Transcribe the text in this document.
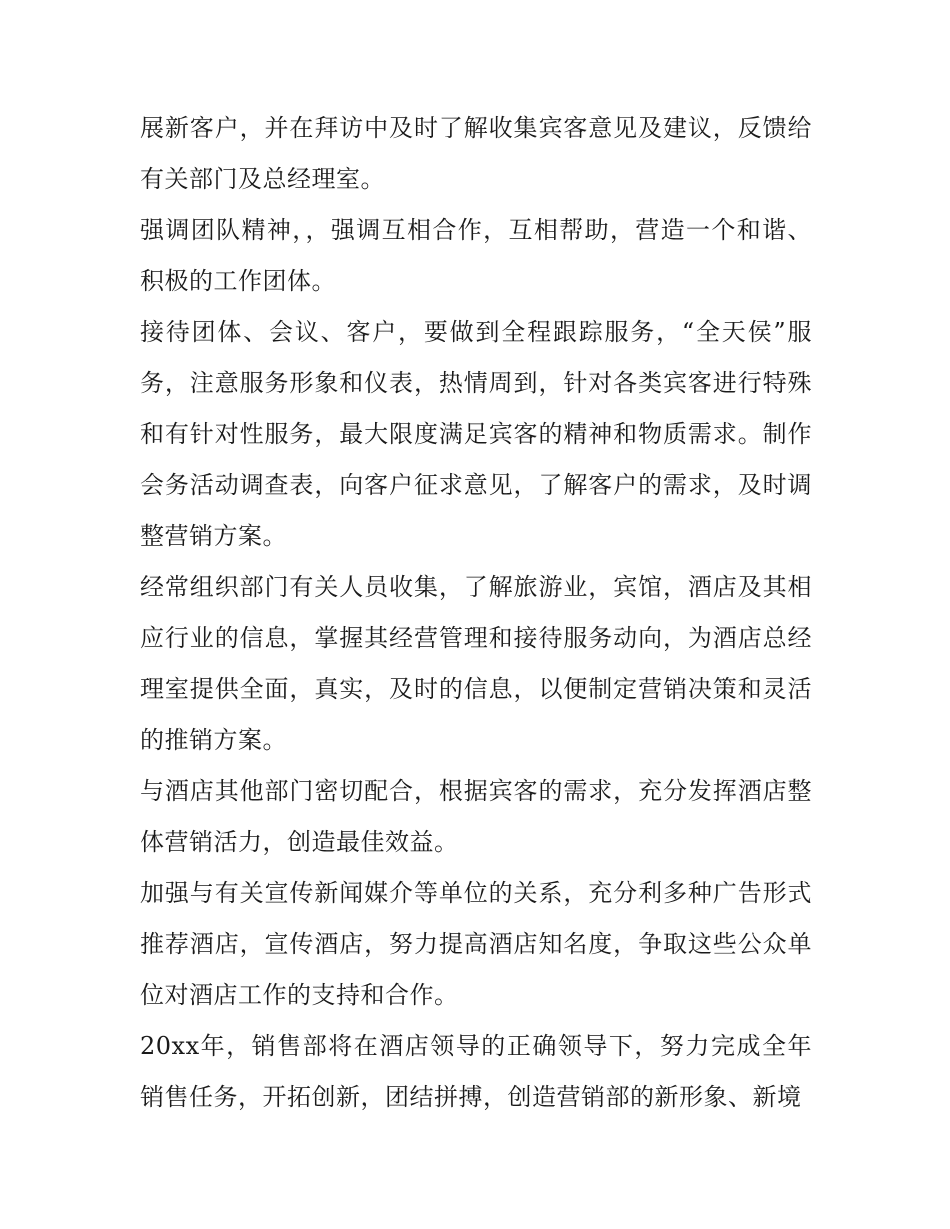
展新客户，并在拜访中及时了解收集宾客意见及建议，反馈给有关部门及总经理室。

强调团队精神，，强调互相合作，互相帮助，营造一个和谐、积极的工作团体。

接待团体、会议、客户，要做到全程跟踪服务，“全天侯”服务，注意服务形象和仪表，热情周到，针对各类宾客进行特殊和有针对性服务，最大限度满足宾客的精神和物质需求。制作会务活动调查表，向客户征求意见，了解客户的需求，及时调整营销方案。

经常组织部门有关人员收集，了解旅游业，宾馆，酒店及其相应行业的信息，掌握其经营管理和接待服务动向，为酒店总经理室提供全面，真实，及时的信息，以便制定营销决策和灵活的推销方案。

与酒店其他部门密切配合，根据宾客的需求，充分发挥酒店整体营销活力，创造最佳效益。

加强与有关宣传新闻媒介等单位的关系，充分利多种广告形式推荐酒店，宣传酒店，努力提高酒店知名度，争取这些公众单位对酒店工作的支持和合作。

20xx年，销售部将在酒店领导的正确领导下，努力完成全年销售任务，开拓创新，团结拼搏，创造营销部的新形象、新境
